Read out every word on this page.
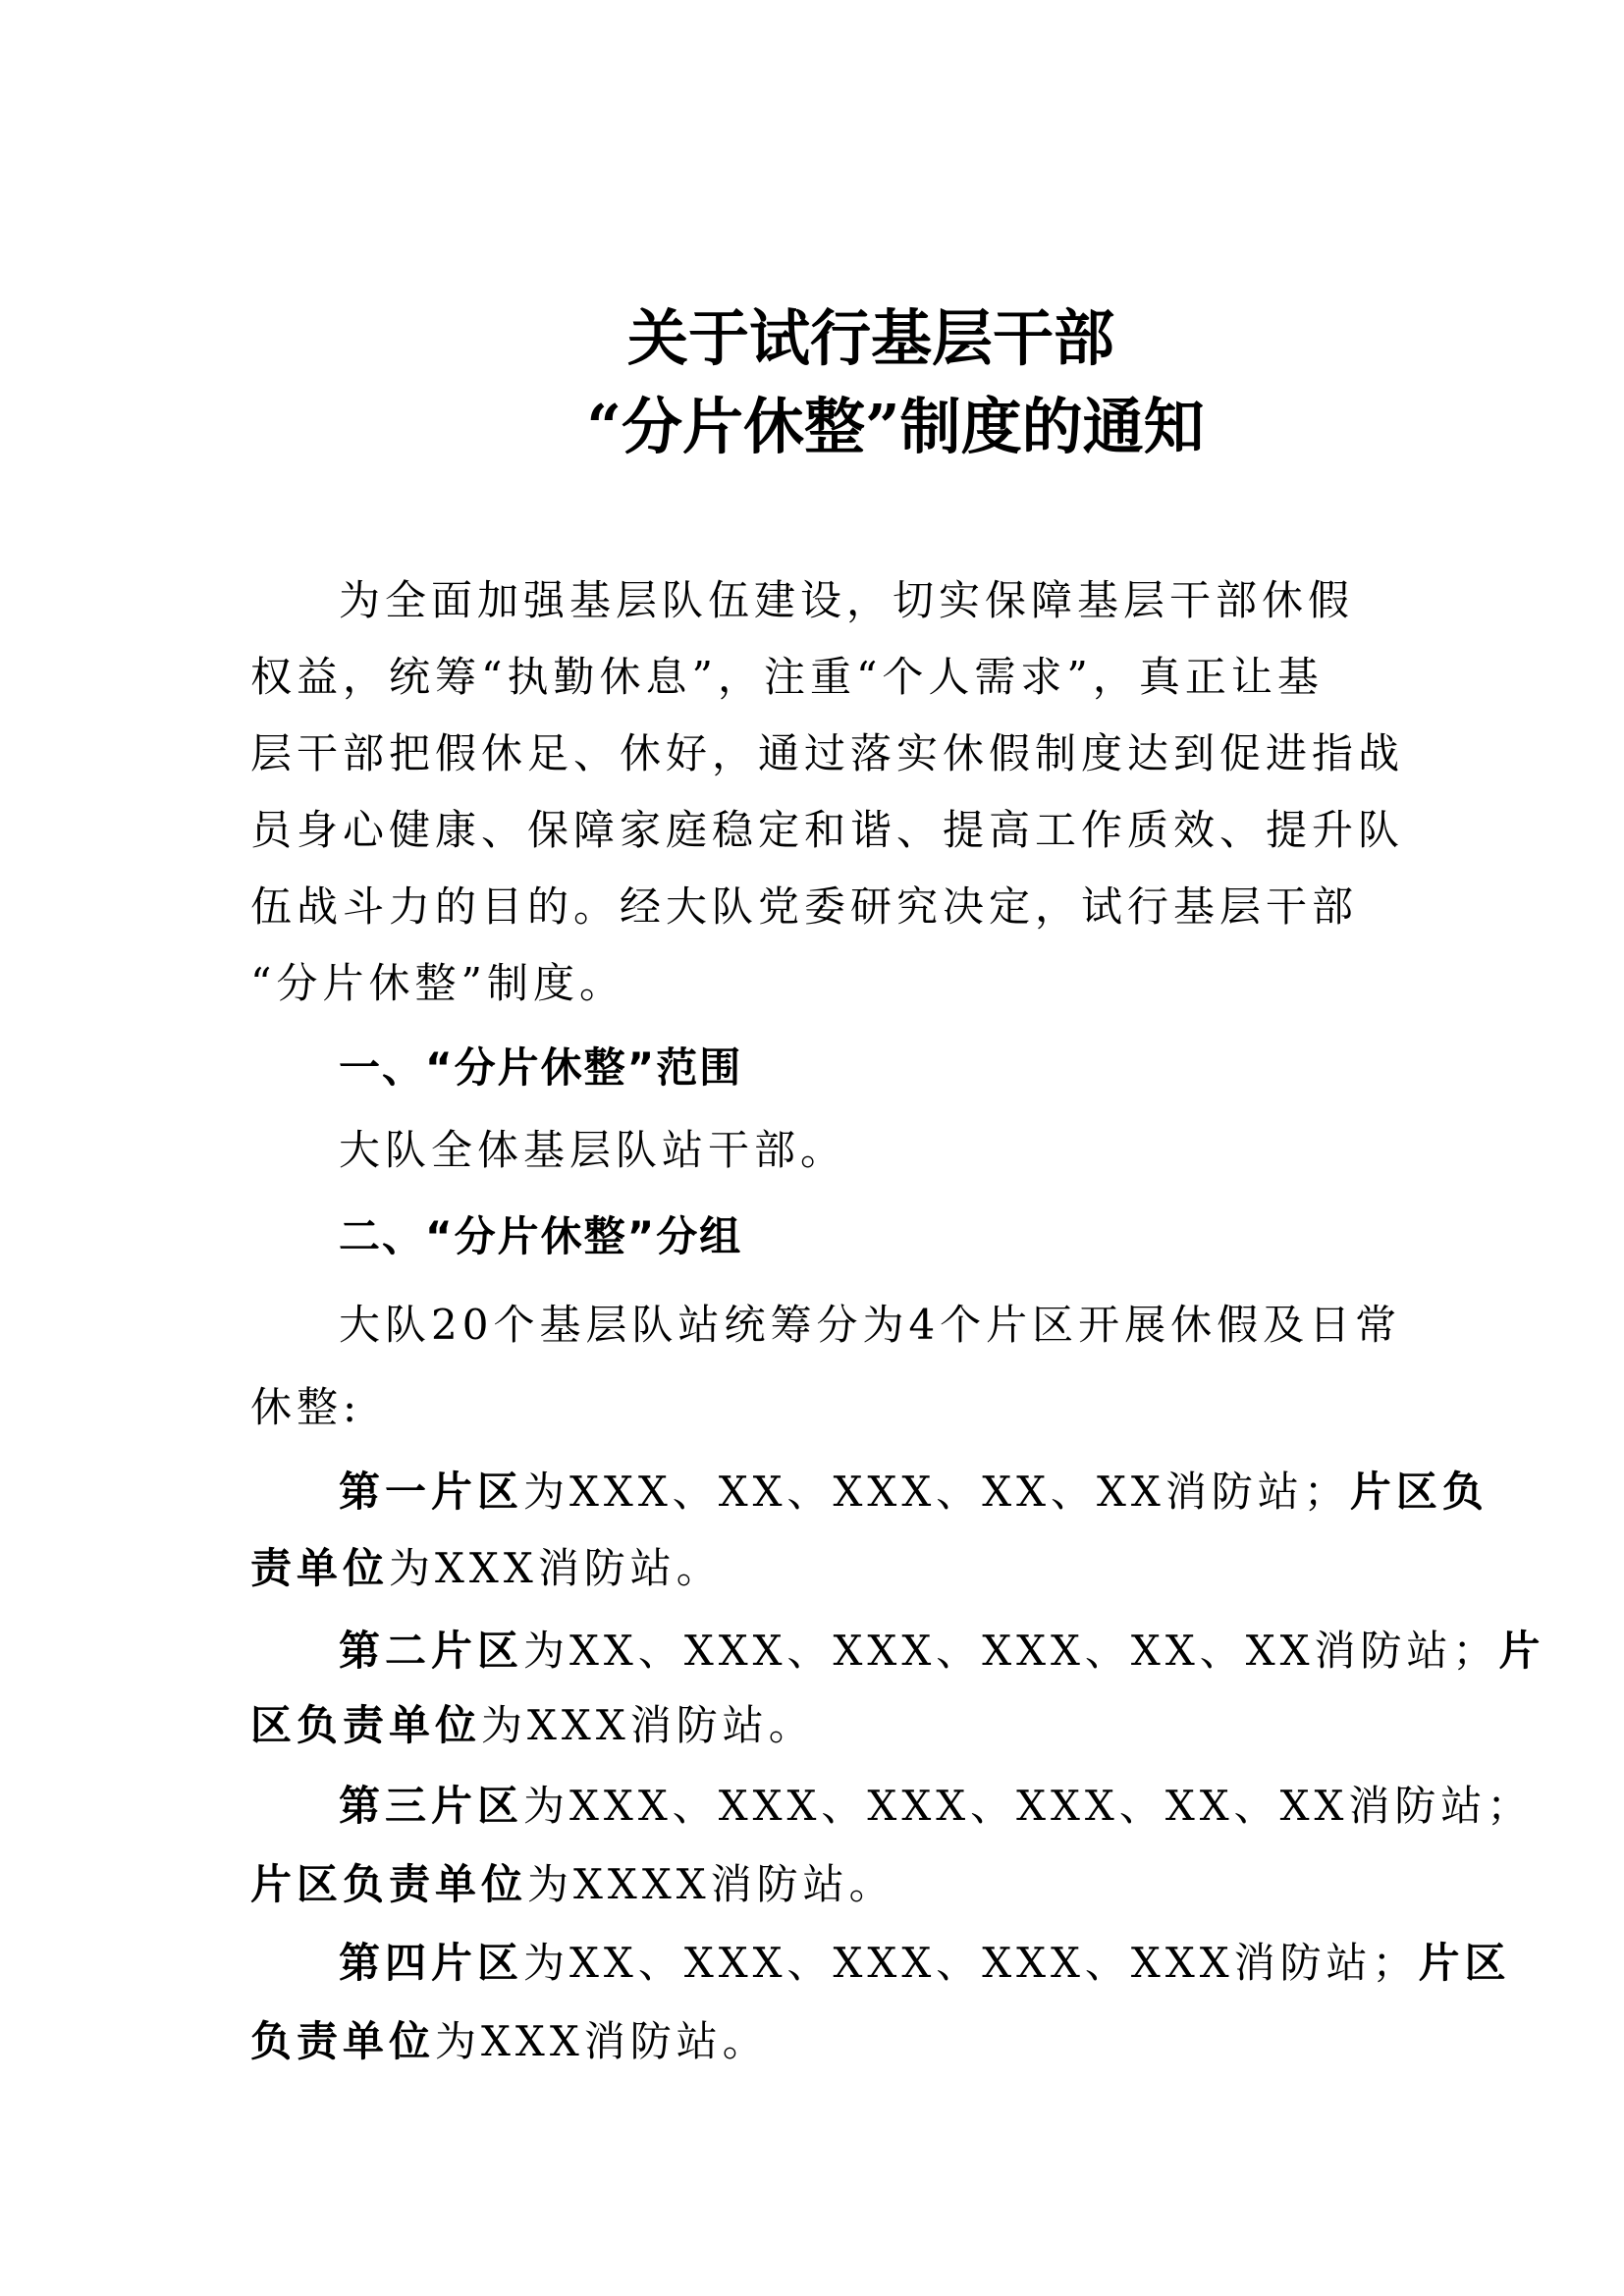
关于试行基层干部
“分片休整”制度的通知
为全面加强基层队伍建设，切实保障基层干部休假
权益，统筹“执勤休息”，注重“个人需求”，真正让基
层干部把假休足、休好，通过落实休假制度达到促进指战
员身心健康、保障家庭稳定和谐、提高工作质效、提升队
伍战斗力的目的。经大队党委研究决定，试行基层干部
“分片休整”制度。
一、“分片休整”范围
大队全体基层队站干部。
二、“分片休整”分组
大队20个基层队站统筹分为4个片区开展休假及日常
休整:
第一片区为XXX、XX、XXX、XX、XX消防站；片区负
责单位为XXX消防站。
第二片区为XX、XXX、XXX、XXX、XX、XX消防站；片
区负责单位为XXX消防站。
第三片区为XXX、XXX、XXX、XXX、XX、XX消防站；
片区负责单位为XXXX消防站。
第四片区为XX、XXX、XXX、XXX、XXX消防站；片区
负责单位为XXX消防站。
